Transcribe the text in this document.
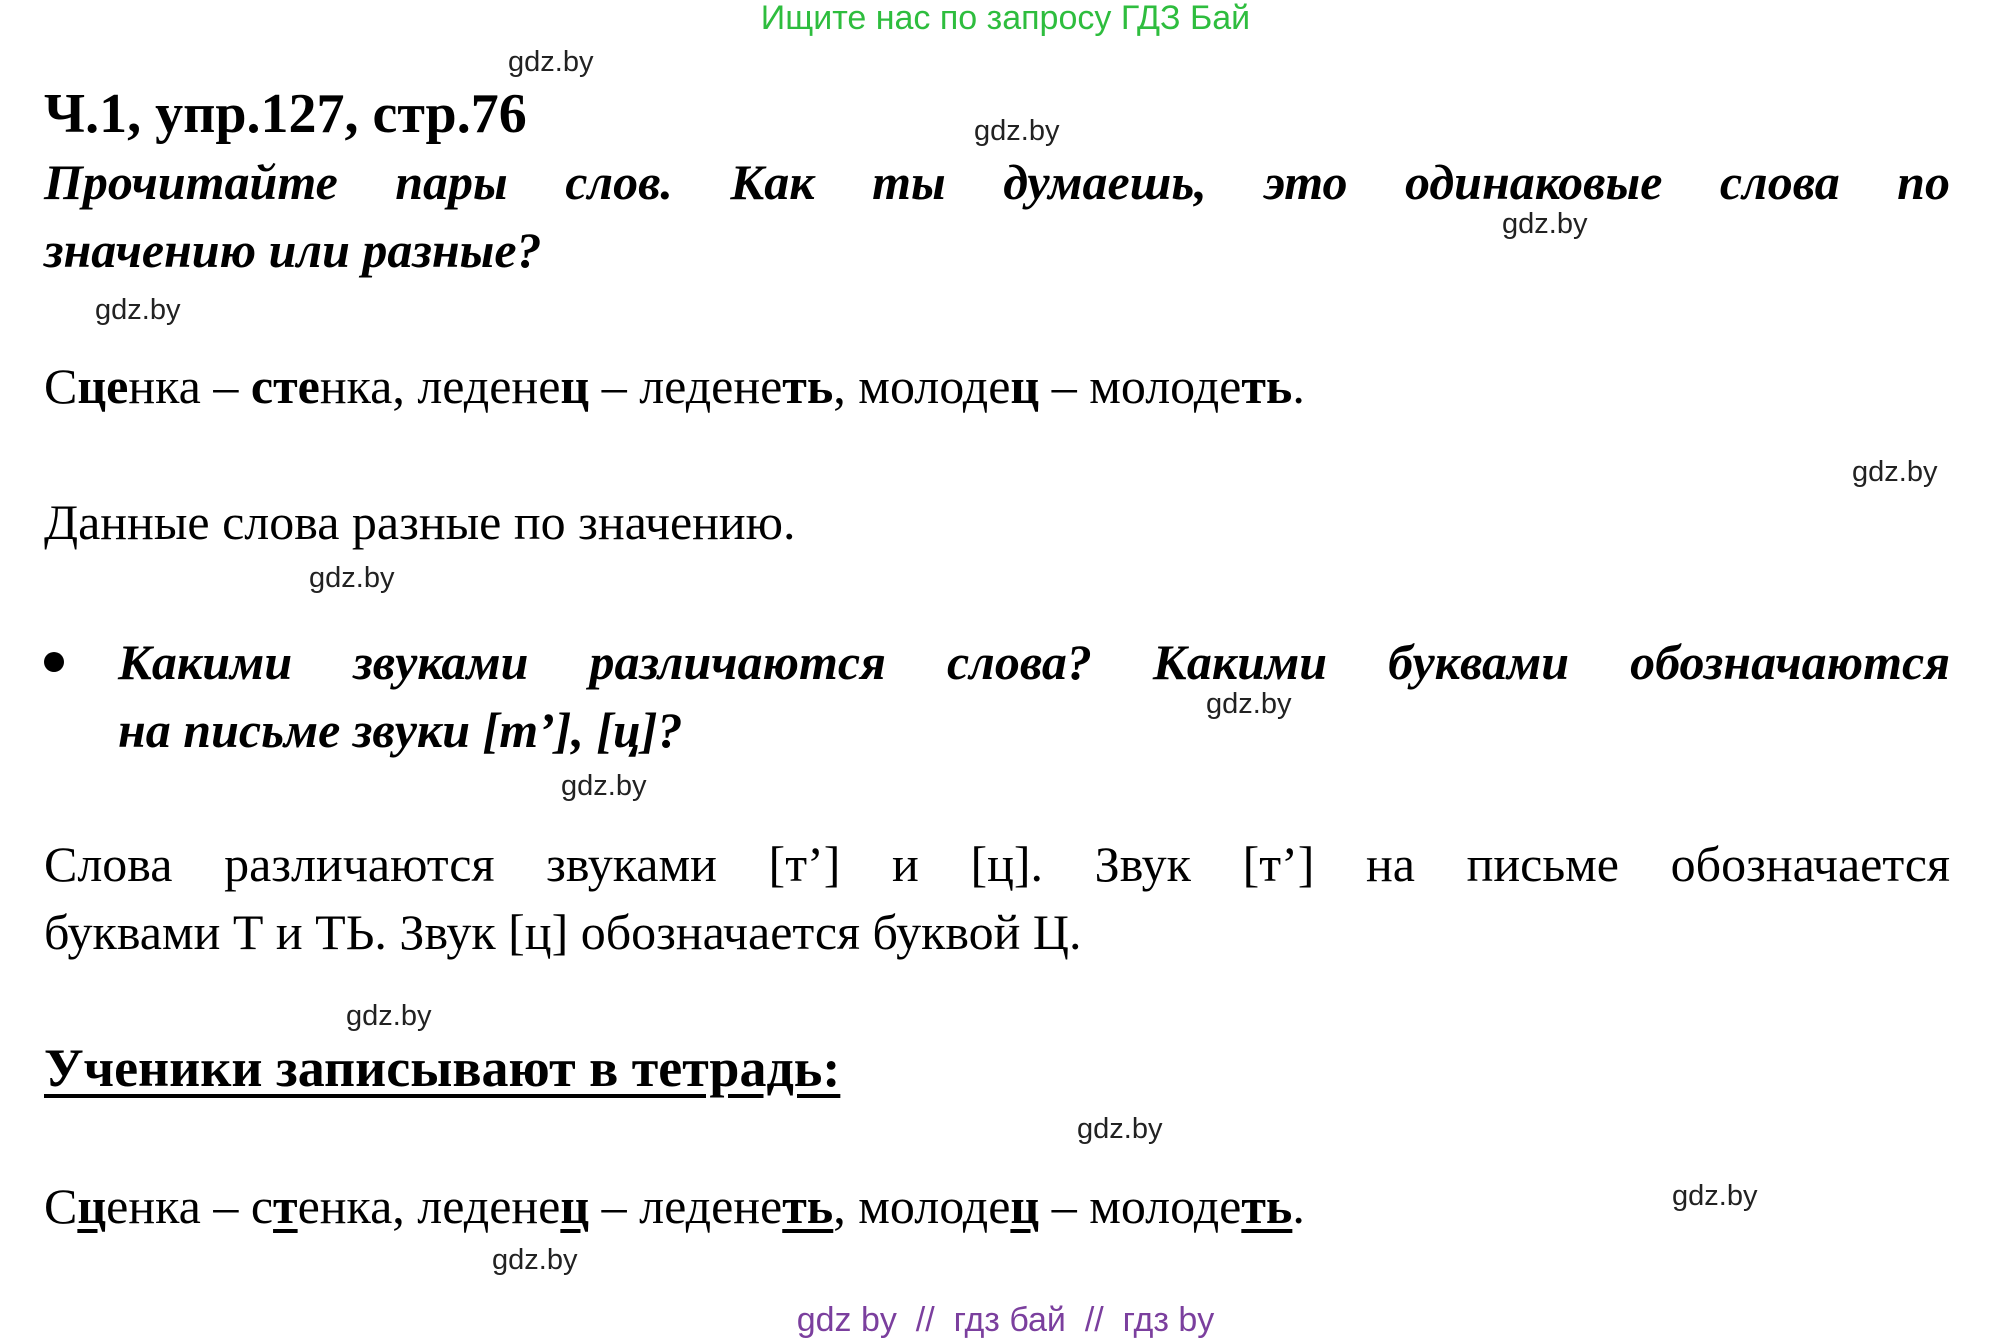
Ищите нас по запросу ГДЗ Бай
gdz.by
gdz.by
gdz.by
gdz.by
gdz.by
gdz.by
gdz.by
gdz.by
gdz.by
gdz.by
gdz.by
gdz.by
Ч.1, упр.127, стр.76
Прочитайте пары слов. Как ты думаешь, это одинаковые слова по
значению или разные?
Сценка – стенка, леденец – леденеть, молодец – молодеть.
Данные слова разные по значению.
Какими звуками различаются слова? Какими буквами обозначаются
на письме звуки [т’], [ц]?
Слова различаются звуками [т’] и [ц]. Звук [т’] на письме обозначается
буквами Т и ТЬ. Звук [ц] обозначается буквой Ц.
Ученики записывают в тетрадь:
Сценка – стенка, леденец – леденеть, молодец – молодеть.
gdz by  //  гдз бай  //  гдз by
